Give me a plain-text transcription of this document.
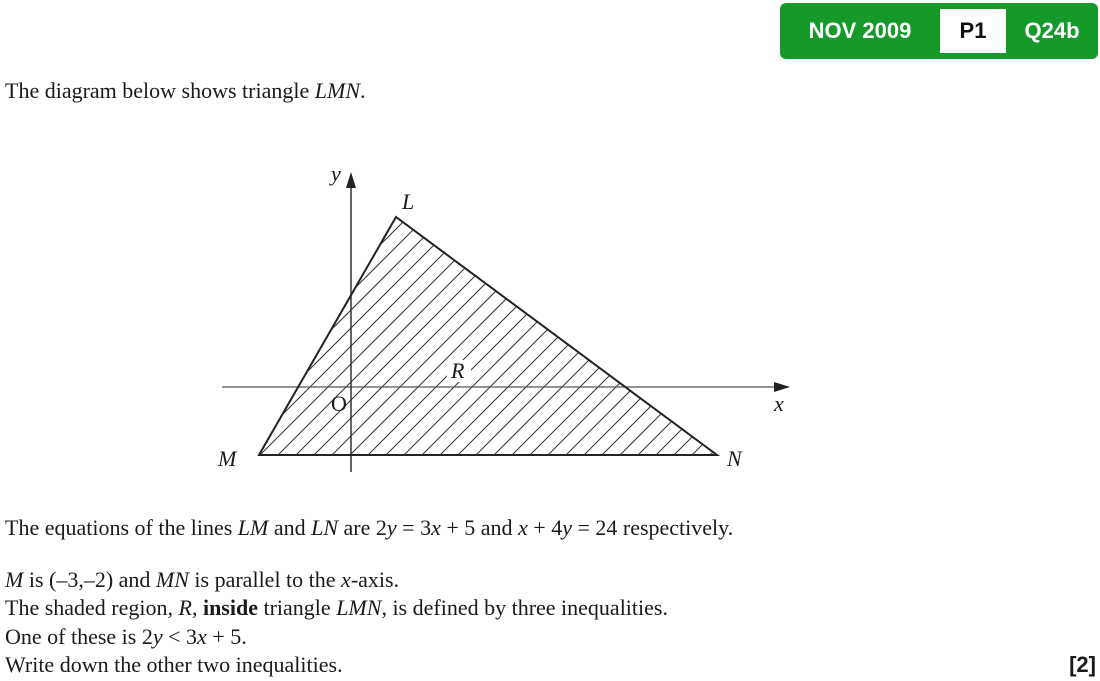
NOV 2009	P1	Q24b
The diagram below shows triangle LMN.
y
x
O
L
M	N
R
The equations of the lines LM and LN are 2y = 3x + 5 and x + 4y = 24 respectively.
M is (–3,–2) and MN is parallel to the x-axis.
The shaded region, R, inside triangle LMN, is defined by three inequalities.
One of these is 2y < 3x + 5.
Write down the other two inequalities.	[2]
